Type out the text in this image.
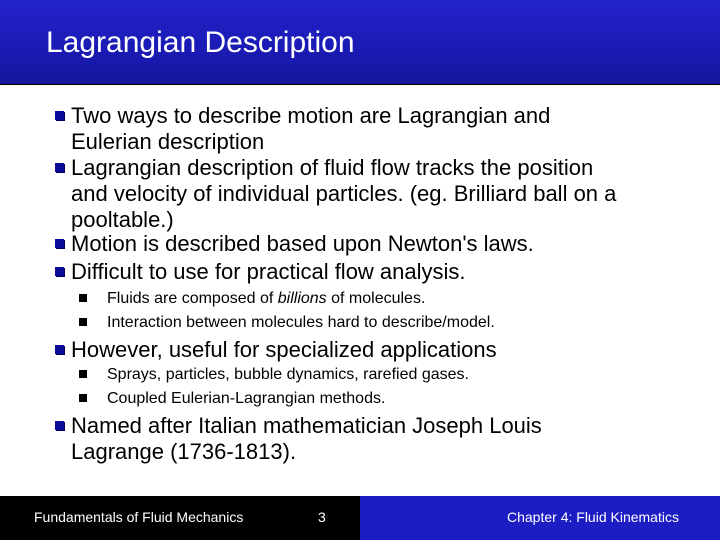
Lagrangian Description
Two ways to describe motion are Lagrangian and
Eulerian description
Lagrangian description of fluid flow tracks the position
and velocity of individual particles. (eg. Brilliard ball on a
pooltable.)
Motion is described based upon Newton's laws.
Difficult to use for practical flow analysis.
Fluids are composed of billions of molecules.
Interaction between molecules hard to describe/model.
However, useful for specialized applications
Sprays, particles, bubble dynamics, rarefied gases.
Coupled Eulerian-Lagrangian methods.
Named after Italian mathematician Joseph Louis
Lagrange (1736-1813).
Fundamentals of Fluid Mechanics	3	Chapter 4: Fluid Kinematics
